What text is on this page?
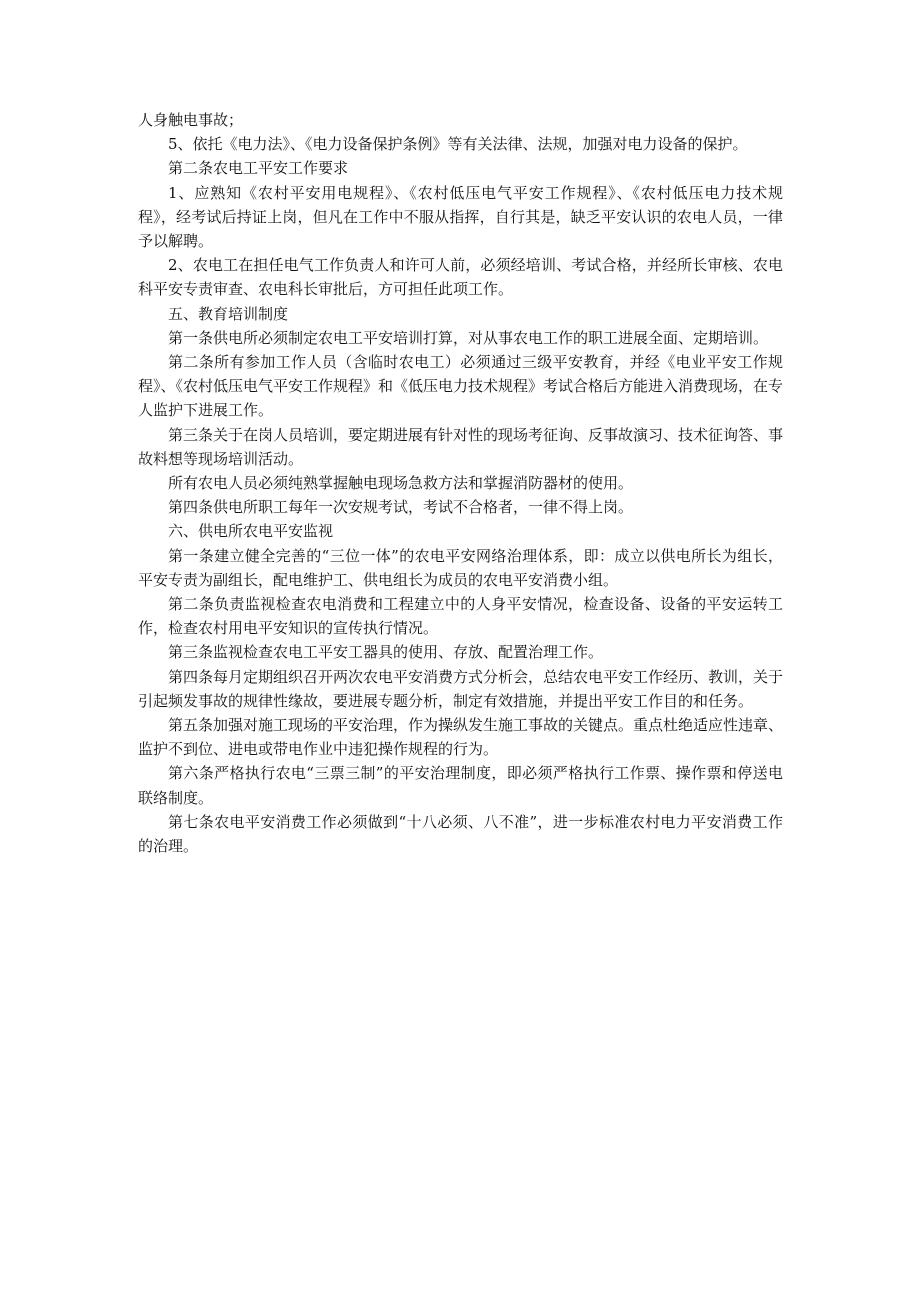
人身触电事故；

5、依托《电力法》、《电力设备保护条例》等有关法律、法规，加强对电力设备的保护。

第二条农电工平安工作要求

1、应熟知《农村平安用电规程》、《农村低压电气平安工作规程》、《农村低压电力技术规程》，经考试后持证上岗，但凡在工作中不服从指挥，自行其是，缺乏平安认识的农电人员，一律予以解聘。

2、农电工在担任电气工作负责人和许可人前，必须经培训、考试合格，并经所长审核、农电科平安专责审查、农电科长审批后，方可担任此项工作。

五、教育培训制度

第一条供电所必须制定农电工平安培训打算，对从事农电工作的职工进展全面、定期培训。

第二条所有参加工作人员（含临时农电工）必须通过三级平安教育，并经《电业平安工作规程》、《农村低压电气平安工作规程》和《低压电力技术规程》考试合格后方能进入消费现场，在专人监护下进展工作。

第三条关于在岗人员培训，要定期进展有针对性的现场考征询、反事故演习、技术征询答、事故料想等现场培训活动。

所有农电人员必须纯熟掌握触电现场急救方法和掌握消防器材的使用。

第四条供电所职工每年一次安规考试，考试不合格者，一律不得上岗。

六、供电所农电平安监视

第一条建立健全完善的“三位一体”的农电平安网络治理体系，即：成立以供电所长为组长，平安专责为副组长，配电维护工、供电组长为成员的农电平安消费小组。

第二条负责监视检查农电消费和工程建立中的人身平安情况，检查设备、设备的平安运转工作，检查农村用电平安知识的宣传执行情况。

第三条监视检查农电工平安工器具的使用、存放、配置治理工作。

第四条每月定期组织召开两次农电平安消费方式分析会，总结农电平安工作经历、教训，关于引起频发事故的规律性缘故，要进展专题分析，制定有效措施，并提出平安工作目的和任务。

第五条加强对施工现场的平安治理，作为操纵发生施工事故的关键点。重点杜绝适应性违章、监护不到位、进电或带电作业中违犯操作规程的行为。

第六条严格执行农电“三票三制”的平安治理制度，即必须严格执行工作票、操作票和停送电联络制度。

第七条农电平安消费工作必须做到“十八必须、八不准”，进一步标准农村电力平安消费工作的治理。
